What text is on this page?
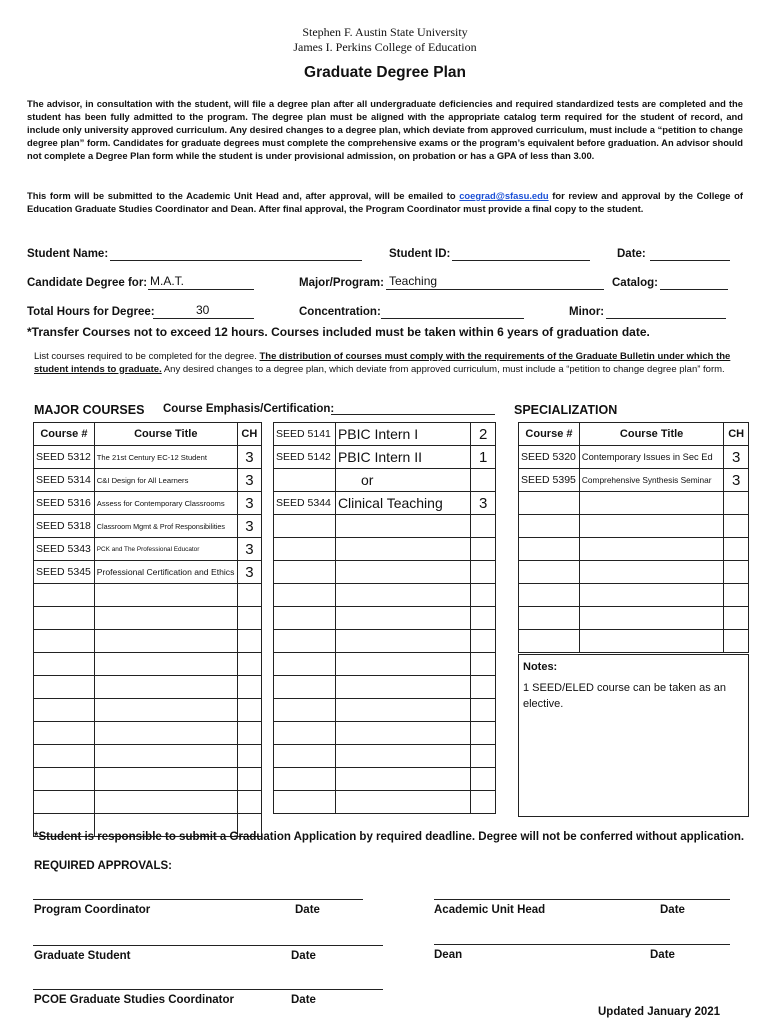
Stephen F. Austin State University
James I. Perkins College of Education
Graduate Degree Plan
The advisor, in consultation with the student, will file a degree plan after all undergraduate deficiencies and required standardized tests are completed and the student has been fully admitted to the program. The degree plan must be aligned with the appropriate catalog term required for the student of record, and include only university approved curriculum. Any desired changes to a degree plan, which deviate from approved curriculum, must include a “petition to change degree plan” form. Candidates for graduate degrees must complete the comprehensive exams or the program’s equivalent before graduation. An advisor should not complete a Degree Plan form while the student is under provisional admission, on probation or has a GPA of less than 3.00.
This form will be submitted to the Academic Unit Head and, after approval, will be emailed to coegrad@sfasu.edu for review and approval by the College of Education Graduate Studies Coordinator and Dean. After final approval, the Program Coordinator must provide a final copy to the student.
Student Name:	Student ID:	Date:
Candidate Degree for: M.A.T.	Major/Program: Teaching	Catalog:
Total Hours for Degree:	30	Concentration:	Minor:
*Transfer Courses not to exceed 12 hours. Courses included must be taken within 6 years of graduation date.
List courses required to be completed for the degree. The distribution of courses must comply with the requirements of the Graduate Bulletin under which the student intends to graduate. Any desired changes to a degree plan, which deviate from approved curriculum, must include a “petition to change degree plan” form.
MAJOR COURSES Course Emphasis/Certification:	SPECIALIZATION
Course #	Course Title	CH
SEED 5312	The 21st Century EC-12 Student	3
SEED 5314	C&I Design for All Learners	3
SEED 5316	Assess for Contemporary Classrooms	3
SEED 5318	Classroom Mgmt & Prof Responsibilities	3
SEED 5343	PCK and The Professional Educator	3
SEED 5345	Professional Certification and Ethics	3

SEED 5141	PBIC Intern I	2
SEED 5142	PBIC Intern II	1
	or	
SEED 5344	Clinical Teaching	3

Course #	Course Title	CH
SEED 5320	Contemporary Issues in Sec Ed	3
SEED 5395	Comprehensive Synthesis Seminar	3

Notes:
1 SEED/ELED course can be taken as an elective.
*Student is responsible to submit a Graduation Application by required deadline. Degree will not be conferred without application.
REQUIRED APPROVALS:
Program Coordinator	Date
Graduate Student	Date
PCOE Graduate Studies Coordinator	Date
Academic Unit Head	Date
Dean	Date
Updated January 2021
